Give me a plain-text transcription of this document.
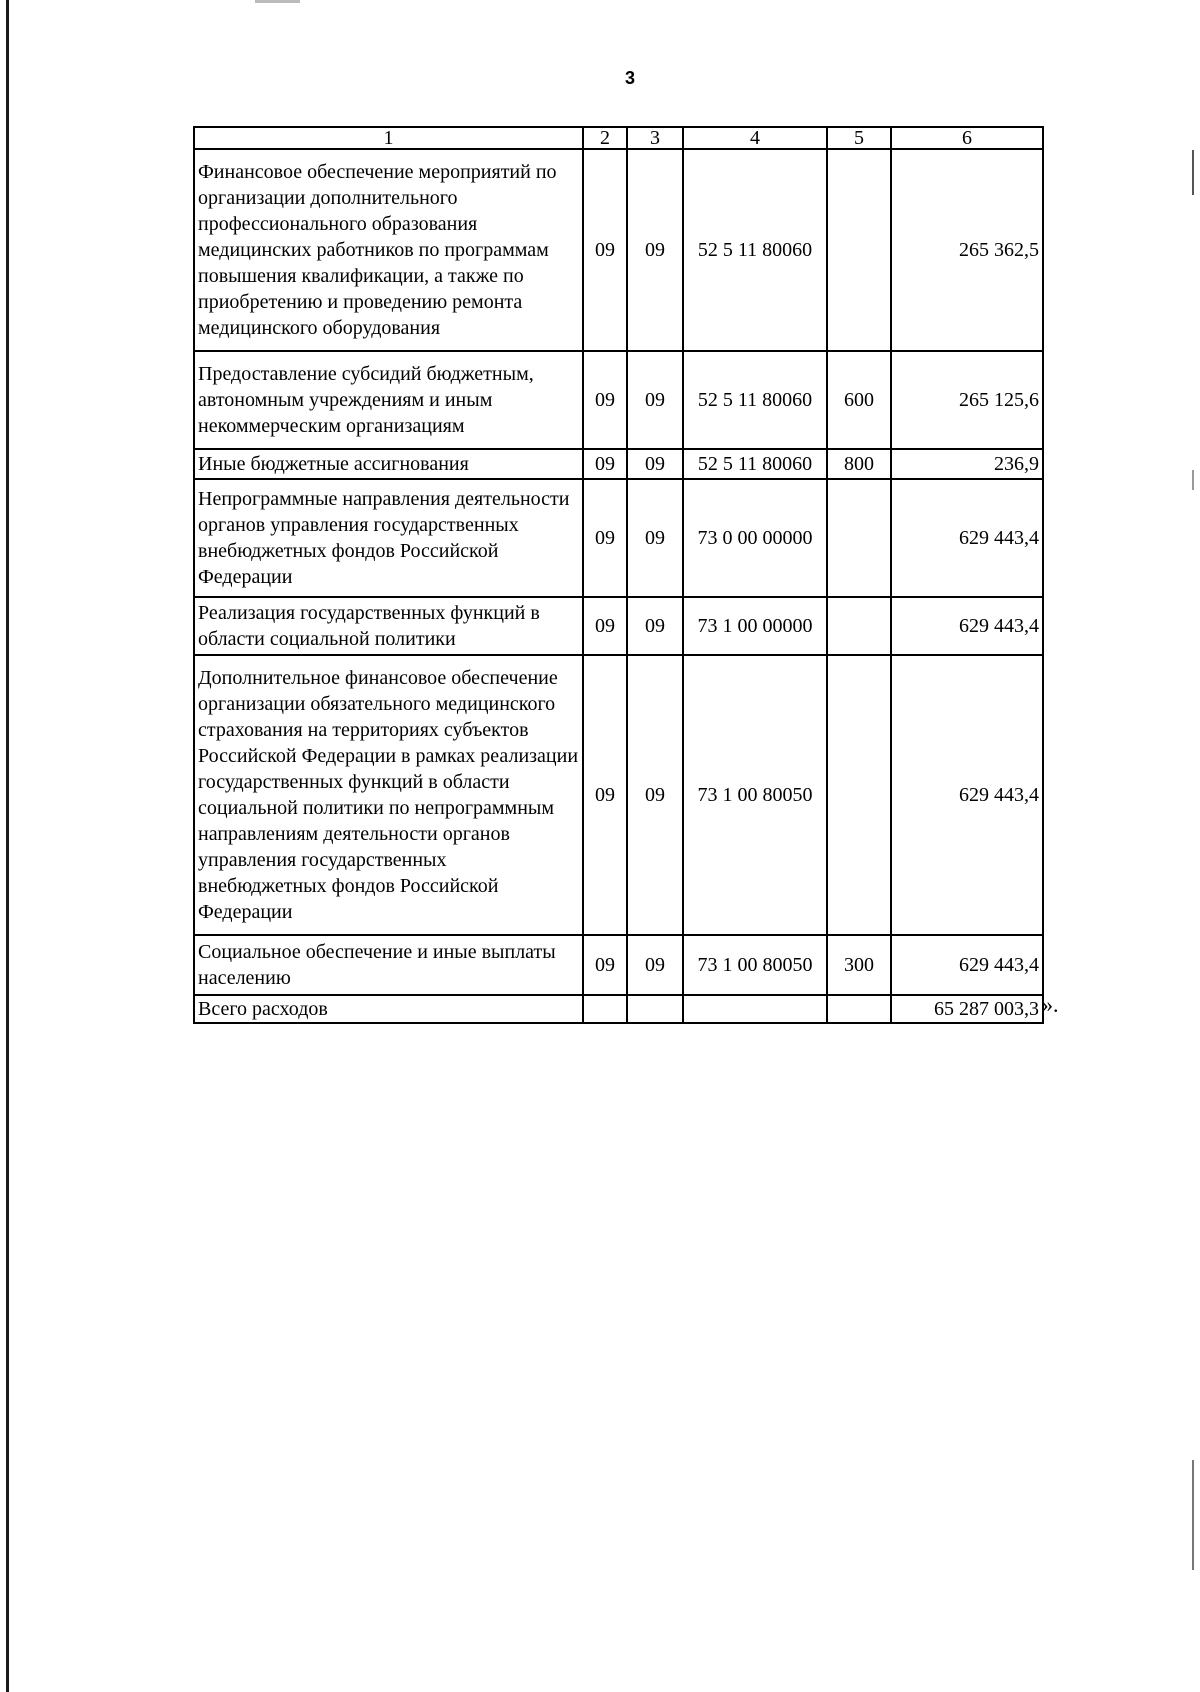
3
1	2	3	4	5	6
Финансовое обеспечение мероприятий по организации дополнительного профессионального образования медицинских работников по программам повышения квалификации, а также по приобретению и проведению ремонта медицинского оборудования	09	09	52 5 11 80060		265 362,5
Предоставление субсидий бюджетным, автономным учреждениям и иным некоммерческим организациям	09	09	52 5 11 80060	600	265 125,6
Иные бюджетные ассигнования	09	09	52 5 11 80060	800	236,9
Непрограммные направления деятельности органов управления государственных внебюджетных фондов Российской Федерации	09	09	73 0 00 00000		629 443,4
Реализация государственных функций в области социальной политики	09	09	73 1 00 00000		629 443,4
Дополнительное финансовое обеспечение организации обязательного медицинского страхования на территориях субъектов Российской Федерации в рамках реализации государственных функций в области социальной политики по непрограммным направлениям деятельности органов управления государственных внебюджетных фондов Российской Федерации	09	09	73 1 00 80050		629 443,4
Социальное обеспечение и иные выплаты населению	09	09	73 1 00 80050	300	629 443,4
Всего расходов					65 287 003,3 ».
